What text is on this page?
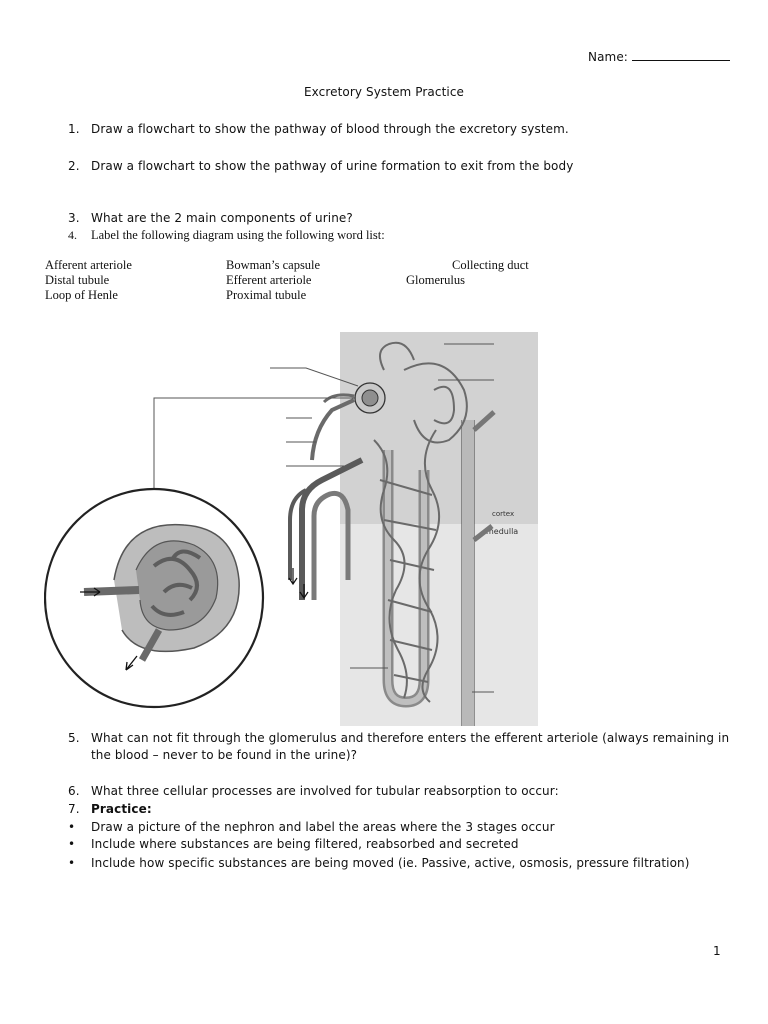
Name:
Excretory System Practice
1. Draw a flowchart to show the pathway of blood through the excretory system.
2. Draw a flowchart to show the pathway of urine formation to exit from the body
3. What are the 2 main components of urine?
4. Label the following diagram using the following word list:
Afferent arteriole	Bowman’s capsule	Collecting duct
Distal tubule	Efferent arteriole	Glomerulus
Loop of Henle	Proximal tubule
cortex
medulla
5. What can not fit through the glomerulus and therefore enters the efferent arteriole (always remaining in
the blood – never to be found in the urine)?
6. What three cellular processes are involved for tubular reabsorption to occur:
7. Practice:
• Draw a picture of the nephron and label the areas where the 3 stages occur
• Include where substances are being filtered, reabsorbed and secreted
• Include how specific substances are being moved (ie. Passive, active, osmosis, pressure filtration)
1
